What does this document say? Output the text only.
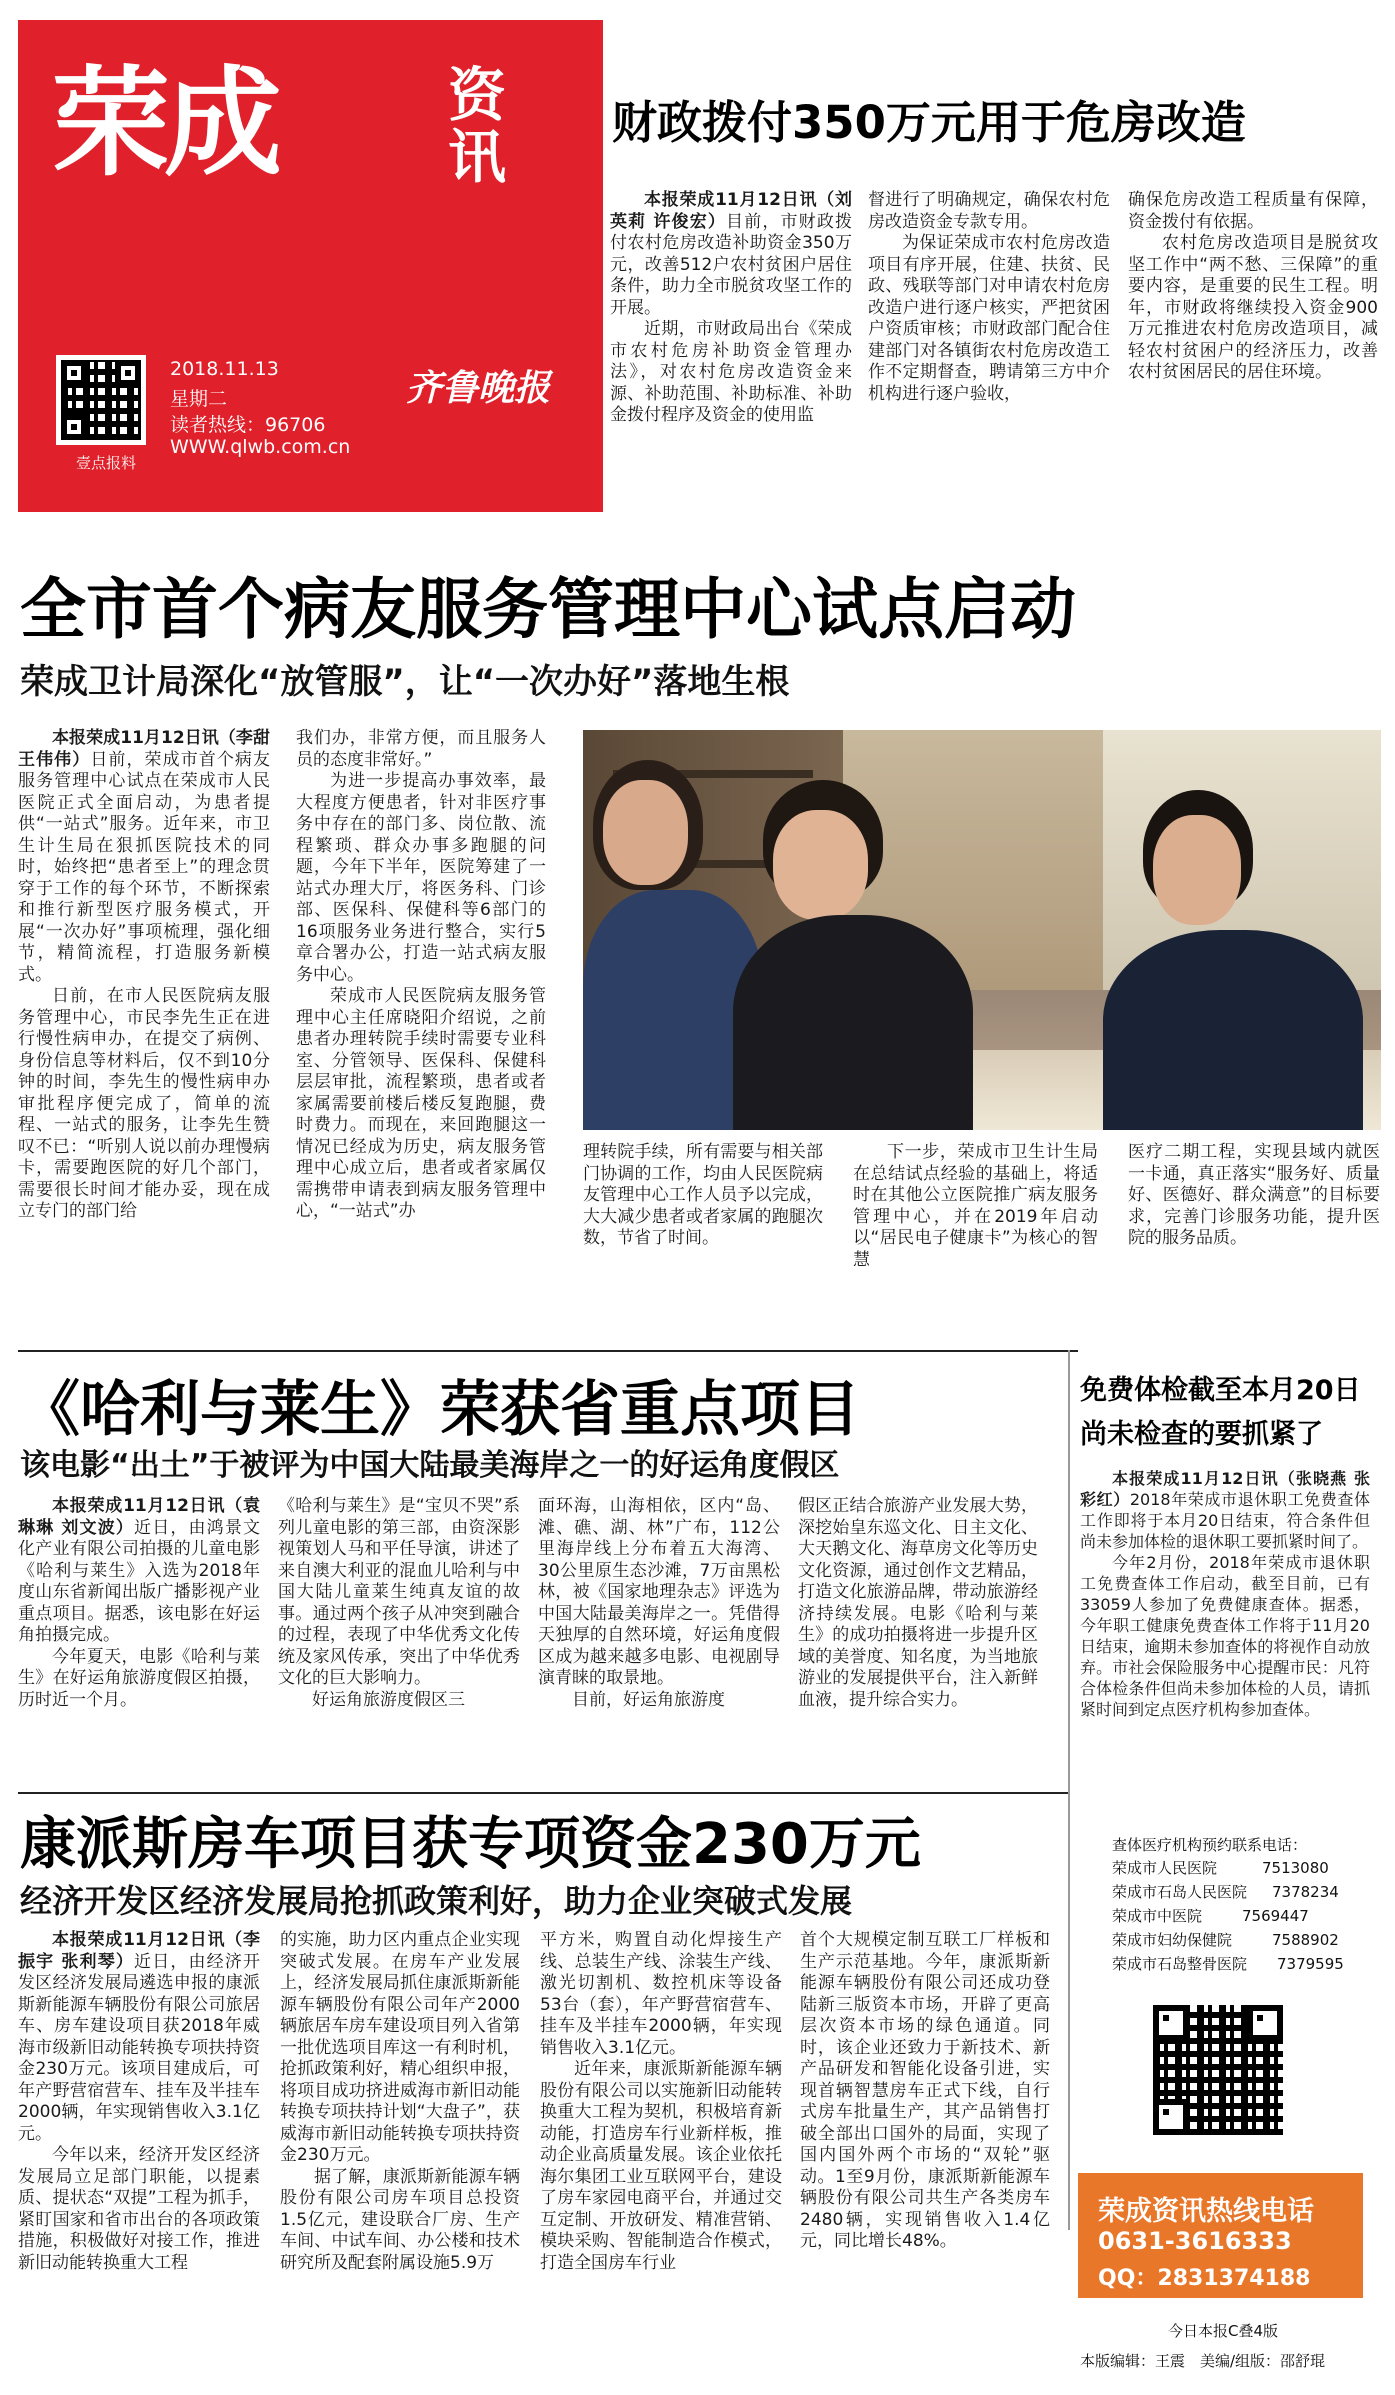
荣成	资讯
壹点报料
2018.11.13
星期二
读者热线：96706
WWW.qlwb.com.cn
齐鲁晚报
财政拨付350万元用于危房改造

本报荣成11月12日讯（刘英莉 许俊宏）目前，市财政拨付农村危房改造补助资金350万元，改善512户农村贫困户居住条件，助力全市脱贫攻坚工作的开展。

近期，市财政局出台《荣成市农村危房补助资金管理办法》，对农村危房改造资金来源、补助范围、补助标准、补助金拨付程序及资金的使用监

督进行了明确规定，确保农村危房改造资金专款专用。

为保证荣成市农村危房改造项目有序开展，住建、扶贫、民政、残联等部门对申请农村危房改造户进行逐户核实，严把贫困户资质审核；市财政部门配合住建部门对各镇街农村危房改造工作不定期督查，聘请第三方中介机构进行逐户验收，

确保危房改造工程质量有保障，资金拨付有依据。

农村危房改造项目是脱贫攻坚工作中“两不愁、三保障”的重要内容，是重要的民生工程。明年，市财政将继续投入资金900万元推进农村危房改造项目，减轻农村贫困户的经济压力，改善农村贫困居民的居住环境。

全市首个病友服务管理中心试点启动
荣成卫计局深化“放管服”，让“一次办好”落地生根

本报荣成11月12日讯（李甜 王伟伟）日前，荣成市首个病友服务管理中心试点在荣成市人民医院正式全面启动，为患者提供“一站式”服务。近年来，市卫生计生局在狠抓医院技术的同时，始终把“患者至上”的理念贯穿于工作的每个环节，不断探索和推行新型医疗服务模式，开展“一次办好”事项梳理，强化细节，精简流程，打造服务新模式。

日前，在市人民医院病友服务管理中心，市民李先生正在进行慢性病申办，在提交了病例、身份信息等材料后，仅不到10分钟的时间，李先生的慢性病申办审批程序便完成了，简单的流程、一站式的服务，让李先生赞叹不已：“听别人说以前办理慢病卡，需要跑医院的好几个部门，需要很长时间才能办妥，现在成立专门的部门给

我们办，非常方便，而且服务人员的态度非常好。”

为进一步提高办事效率，最大程度方便患者，针对非医疗事务中存在的部门多、岗位散、流程繁琐、群众办事多跑腿的问题，今年下半年，医院筹建了一站式办理大厅，将医务科、门诊部、医保科、保健科等6部门的16项服务业务进行整合，实行5章合署办公，打造一站式病友服务中心。

荣成市人民医院病友服务管理中心主任席晓阳介绍说，之前患者办理转院手续时需要专业科室、分管领导、医保科、保健科层层审批，流程繁琐，患者或者家属需要前楼后楼反复跑腿，费时费力。而现在，来回跑腿这一情况已经成为历史，病友服务管理中心成立后，患者或者家属仅需携带申请表到病友服务管理中心，“一站式”办

理转院手续，所有需要与相关部门协调的工作，均由人民医院病友管理中心工作人员予以完成，大大减少患者或者家属的跑腿次数，节省了时间。

下一步，荣成市卫生计生局在总结试点经验的基础上，将适时在其他公立医院推广病友服务管理中心，并在2019年启动以“居民电子健康卡”为核心的智慧

医疗二期工程，实现县域内就医一卡通，真正落实“服务好、质量好、医德好、群众满意”的目标要求，完善门诊服务功能，提升医院的服务品质。

《哈利与莱生》荣获省重点项目
该电影“出土”于被评为中国大陆最美海岸之一的好运角度假区

本报荣成11月12日讯（袁琳琳 刘文波）近日，由鸿景文化产业有限公司拍摄的儿童电影《哈利与莱生》入选为2018年度山东省新闻出版广播影视产业重点项目。据悉，该电影在好运角拍摄完成。

今年夏天，电影《哈利与莱生》在好运角旅游度假区拍摄，历时近一个月。

《哈利与莱生》是“宝贝不哭”系列儿童电影的第三部，由资深影视策划人马和平任导演，讲述了来自澳大利亚的混血儿哈利与中国大陆儿童莱生纯真友谊的故事。通过两个孩子从冲突到融合的过程，表现了中华优秀文化传统及家风传承，突出了中华优秀文化的巨大影响力。

好运角旅游度假区三

面环海，山海相依，区内“岛、滩、礁、湖、林”广布，112公里海岸线上分布着五大海湾、30公里原生态沙滩，7万亩黑松林，被《国家地理杂志》评选为中国大陆最美海岸之一。凭借得天独厚的自然环境，好运角度假区成为越来越多电影、电视剧导演青睐的取景地。

目前，好运角旅游度

假区正结合旅游产业发展大势，深挖始皇东巡文化、日主文化、大天鹅文化、海草房文化等历史文化资源，通过创作文艺精品，打造文化旅游品牌，带动旅游经济持续发展。电影《哈利与莱生》的成功拍摄将进一步提升区域的美誉度、知名度，为当地旅游业的发展提供平台，注入新鲜血液，提升综合实力。

免费体检截至本月20日
尚未检查的要抓紧了

本报荣成11月12日讯（张晓燕 张彩红）2018年荣成市退休职工免费查体工作即将于本月20日结束，符合条件但尚未参加体检的退休职工要抓紧时间了。

今年2月份，2018年荣成市退休职工免费查体工作启动，截至目前，已有33059人参加了免费健康查体。据悉，今年职工健康免费查体工作将于11月20日结束，逾期未参加查体的将视作自动放弃。市社会保险服务中心提醒市民：凡符合体检条件但尚未参加体检的人员，请抓紧时间到定点医疗机构参加查体。

查体医疗机构预约联系电话：
荣成市人民医院	7513080
荣成市石岛人民医院 7378234
荣成市中医院	7569447
荣成市妇幼保健院	7588902
荣成市石岛整骨医院 7379595
荣成资讯热线电话
0631-3616333
QQ：2831374188
康派斯房车项目获专项资金230万元
经济开发区经济发展局抢抓政策利好，助力企业突破式发展

本报荣成11月12日讯（李振宇 张利琴）近日，由经济开发区经济发展局遴选申报的康派斯新能源车辆股份有限公司旅居车、房车建设项目获2018年威海市级新旧动能转换专项扶持资金230万元。该项目建成后，可年产野营宿营车、挂车及半挂车2000辆，年实现销售收入3.1亿元。

今年以来，经济开发区经济发展局立足部门职能，以提素质、提状态“双提”工程为抓手，紧盯国家和省市出台的各项政策措施，积极做好对接工作，推进新旧动能转换重大工程

的实施，助力区内重点企业实现突破式发展。在房车产业发展上，经济发展局抓住康派斯新能源车辆股份有限公司年产2000辆旅居车房车建设项目列入省第一批优选项目库这一有利时机，抢抓政策利好，精心组织申报，将项目成功挤进威海市新旧动能转换专项扶持计划“大盘子”，获威海市新旧动能转换专项扶持资金230万元。

据了解，康派斯新能源车辆股份有限公司房车项目总投资1.5亿元，建设联合厂房、生产车间、中试车间、办公楼和技术研究所及配套附属设施5.9万

平方米，购置自动化焊接生产线、总装生产线、涂装生产线、激光切割机、数控机床等设备53台（套），年产野营宿营车、挂车及半挂车2000辆，年实现销售收入3.1亿元。

近年来，康派斯新能源车辆股份有限公司以实施新旧动能转换重大工程为契机，积极培育新动能，打造房车行业新样板，推动企业高质量发展。该企业依托海尔集团工业互联网平台，建设了房车家园电商平台，并通过交互定制、开放研发、精准营销、模块采购、智能制造合作模式，打造全国房车行业

首个大规模定制互联工厂样板和生产示范基地。今年，康派斯新能源车辆股份有限公司还成功登陆新三版资本市场，开辟了更高层次资本市场的绿色通道。同时，该企业还致力于新技术、新产品研发和智能化设备引进，实现首辆智慧房车正式下线，自行式房车批量生产，其产品销售打破全部出口国外的局面，实现了国内国外两个市场的“双轮”驱动。1至9月份，康派斯新能源车辆股份有限公司共生产各类房车2480辆，实现销售收入1.4亿元，同比增长48%。

今日本报C叠4版
本版编辑：王震　美编/组版：邵舒琨
